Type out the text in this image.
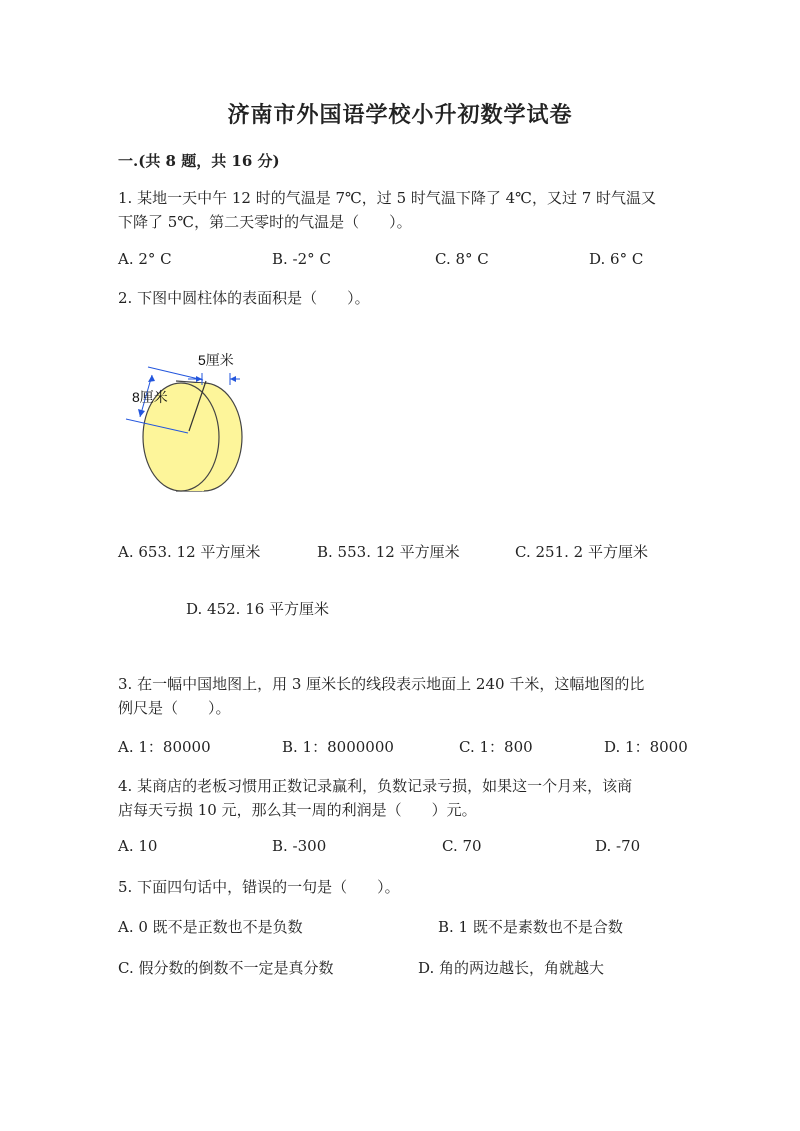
济南市外国语学校小升初数学试卷
一.(共 8 题，共 16 分)
1. 某地一天中午 12 时的气温是 7℃，过 5 时气温下降了 4℃，又过 7 时气温又
下降了 5℃，第二天零时的气温是（　　）。
A. 2° C	B. -2° C	C. 8° C	D. 6° C
2. 下图中圆柱体的表面积是（　　）。
5厘米
8厘米
A. 653. 12 平方厘米	B. 553. 12 平方厘米	C. 251. 2 平方厘米
D. 452. 16 平方厘米
3. 在一幅中国地图上，用 3 厘米长的线段表示地面上 240 千米，这幅地图的比
例尺是（　　）。
A. 1：80000	B. 1：8000000	C. 1：800	D. 1：8000
4. 某商店的老板习惯用正数记录赢利，负数记录亏损，如果这一个月来，该商
店每天亏损 10 元，那么其一周的利润是（　　）元。
A. 10	B. -300	C. 70	D. -70
5. 下面四句话中，错误的一句是（　　）。
A. 0 既不是正数也不是负数	B. 1 既不是素数也不是合数
C. 假分数的倒数不一定是真分数	D. 角的两边越长，角就越大
